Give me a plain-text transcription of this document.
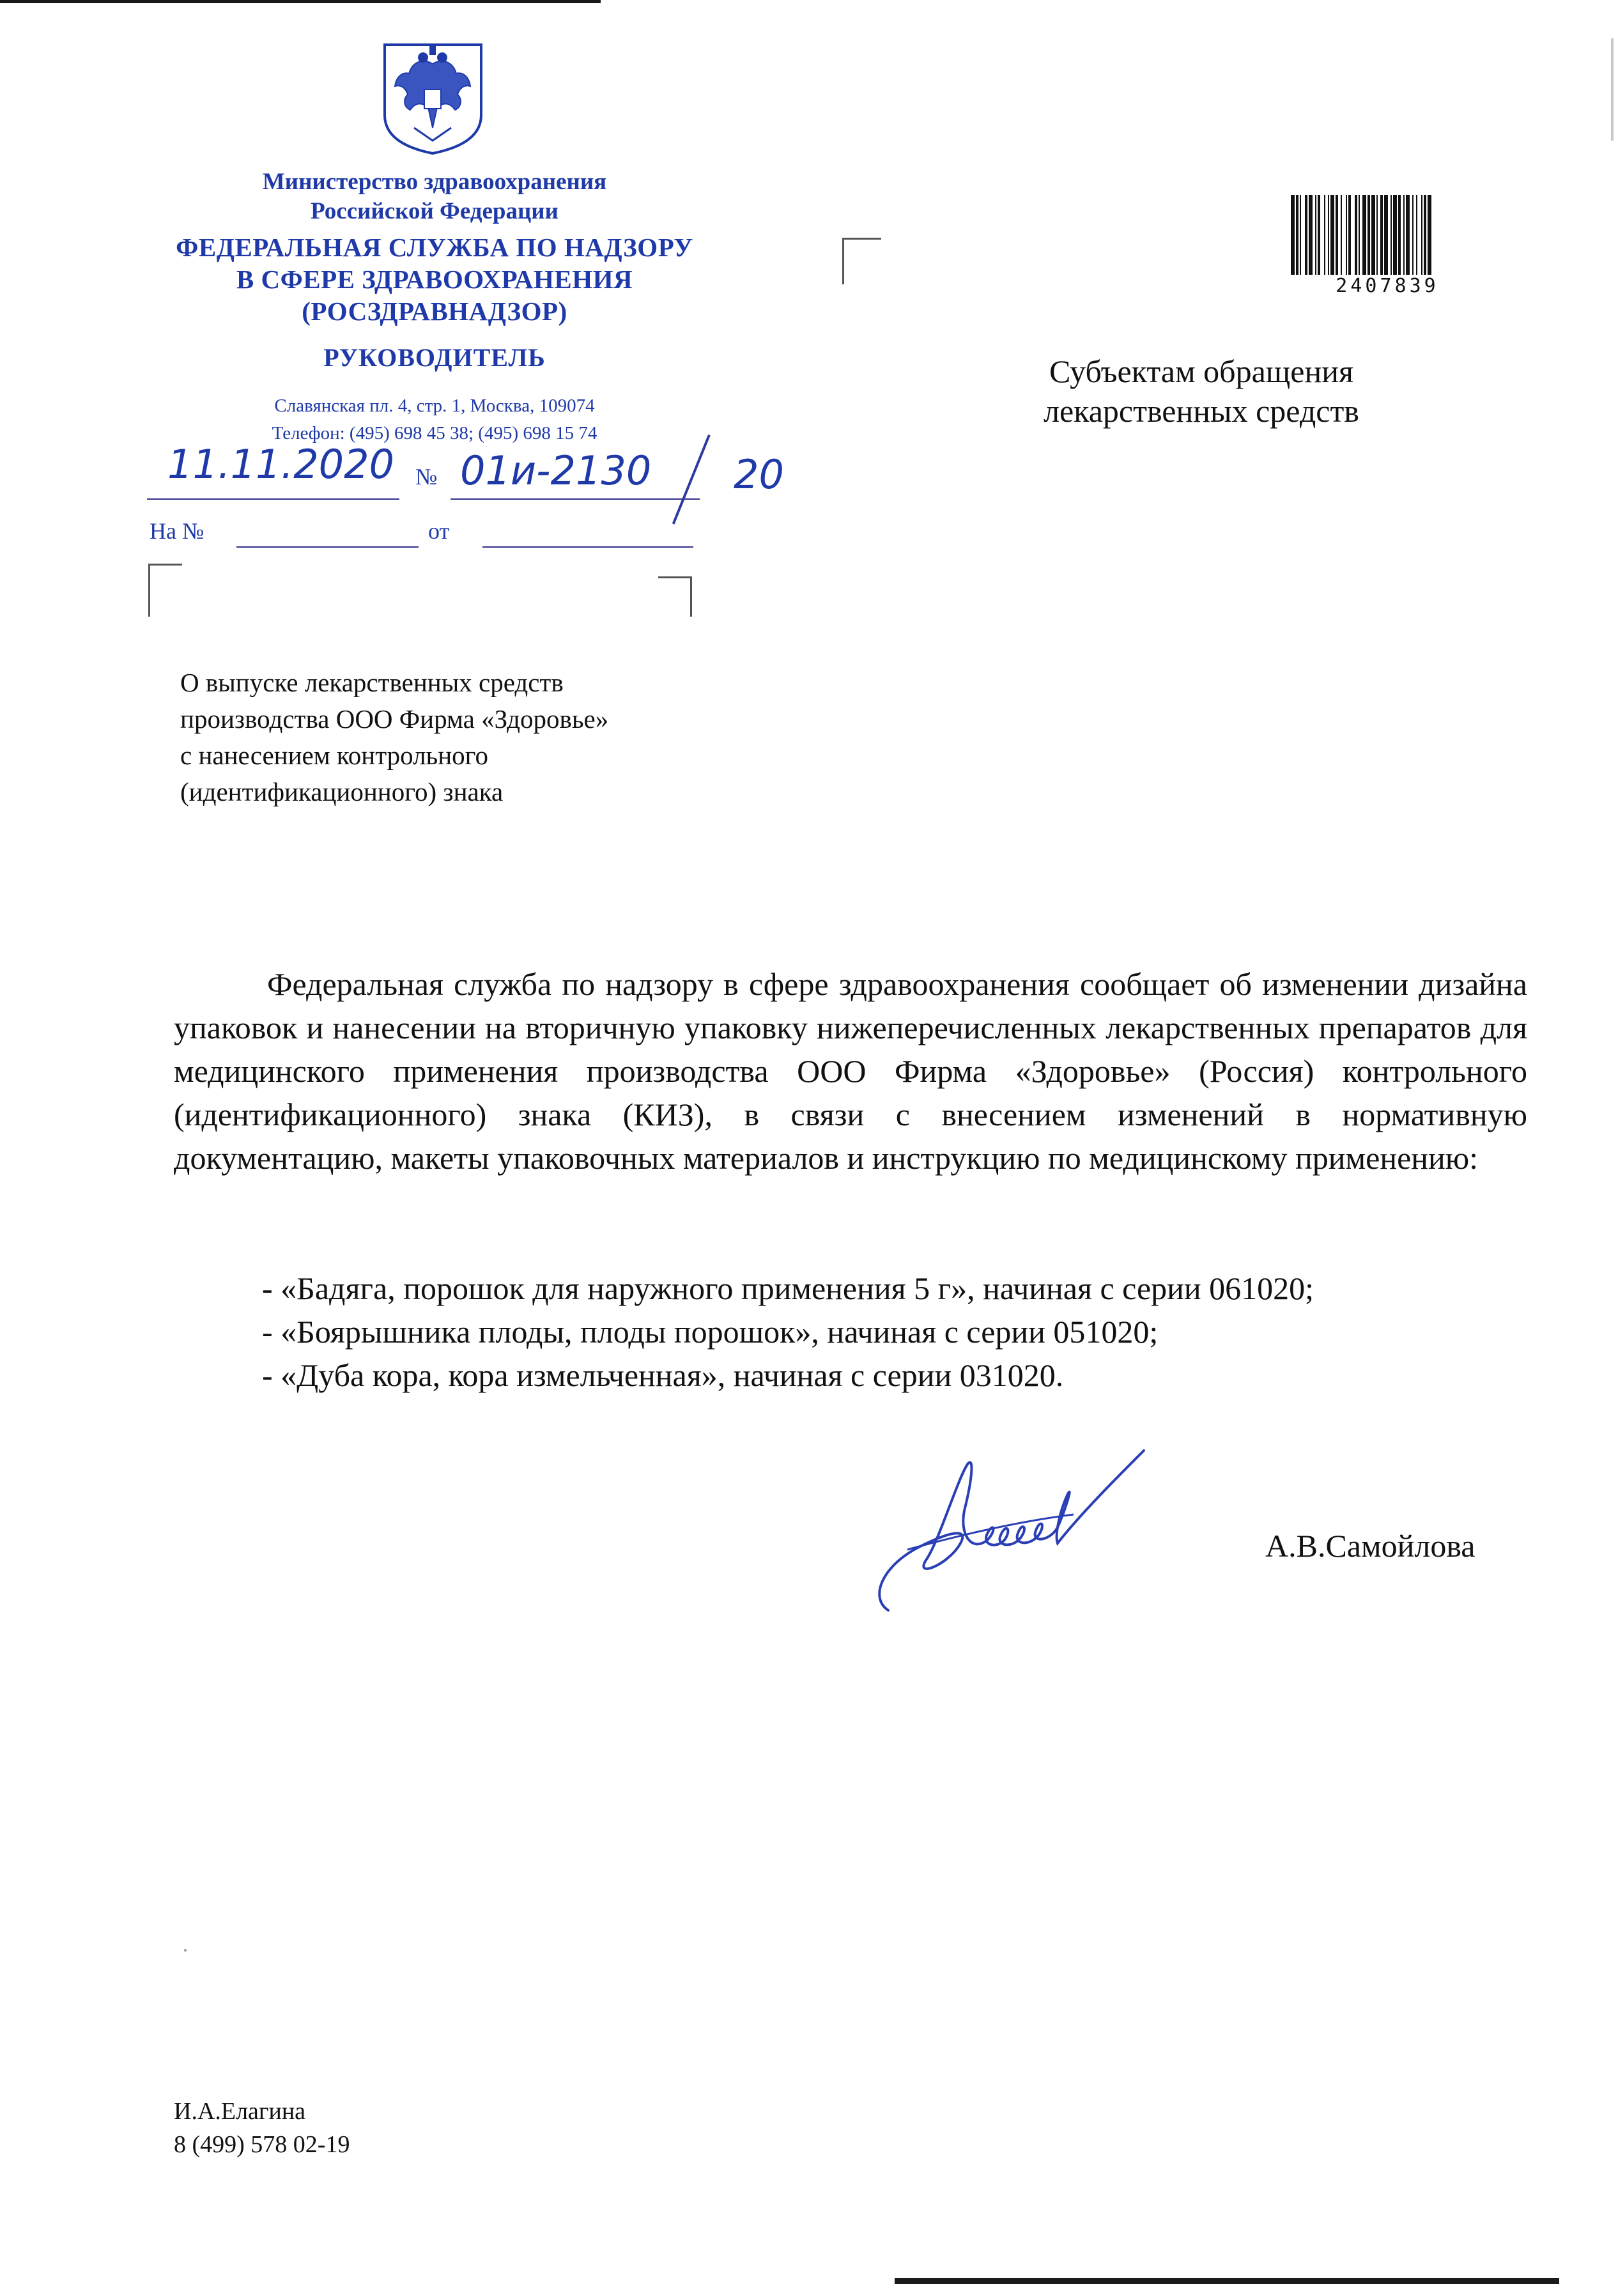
Министерство здравоохранения
Российской Федерации
ФЕДЕРАЛЬНАЯ СЛУЖБА ПО НАДЗОРУ
В СФЕРЕ ЗДРАВООХРАНЕНИЯ
(РОСЗДРАВНАДЗОР)
РУКОВОДИТЕЛЬ
Славянская пл. 4, стр. 1, Москва, 109074
Телефон: (495) 698 45 38; (495) 698 15 74
11.11.2020 № 01и-2130 20
На №	от
2407839
Субъектам обращения
лекарственных средств
О выпуске лекарственных средств
производства ООО Фирма «Здоровье»
с нанесением контрольного
(идентификационного) знака

Федеральная служба по надзору в сфере здравоохранения сообщает об изменении дизайна упаковок и нанесении на вторичную упаковку нижеперечисленных лекарственных препаратов для медицинского применения производства ООО Фирма «Здоровье» (Россия) контрольного (идентификационного) знака (КИЗ), в связи с внесением изменений в нормативную документацию, макеты упаковочных материалов и инструкцию по медицинскому применению:

- «Бадяга, порошок для наружного применения 5 г», начиная с серии 061020;
- «Боярышника плоды, плоды порошок», начиная с серии 051020;
- «Дуба кора, кора измельченная», начиная с серии 031020.
А.В.Самойлова
И.А.Елагина
8 (499) 578 02-19
